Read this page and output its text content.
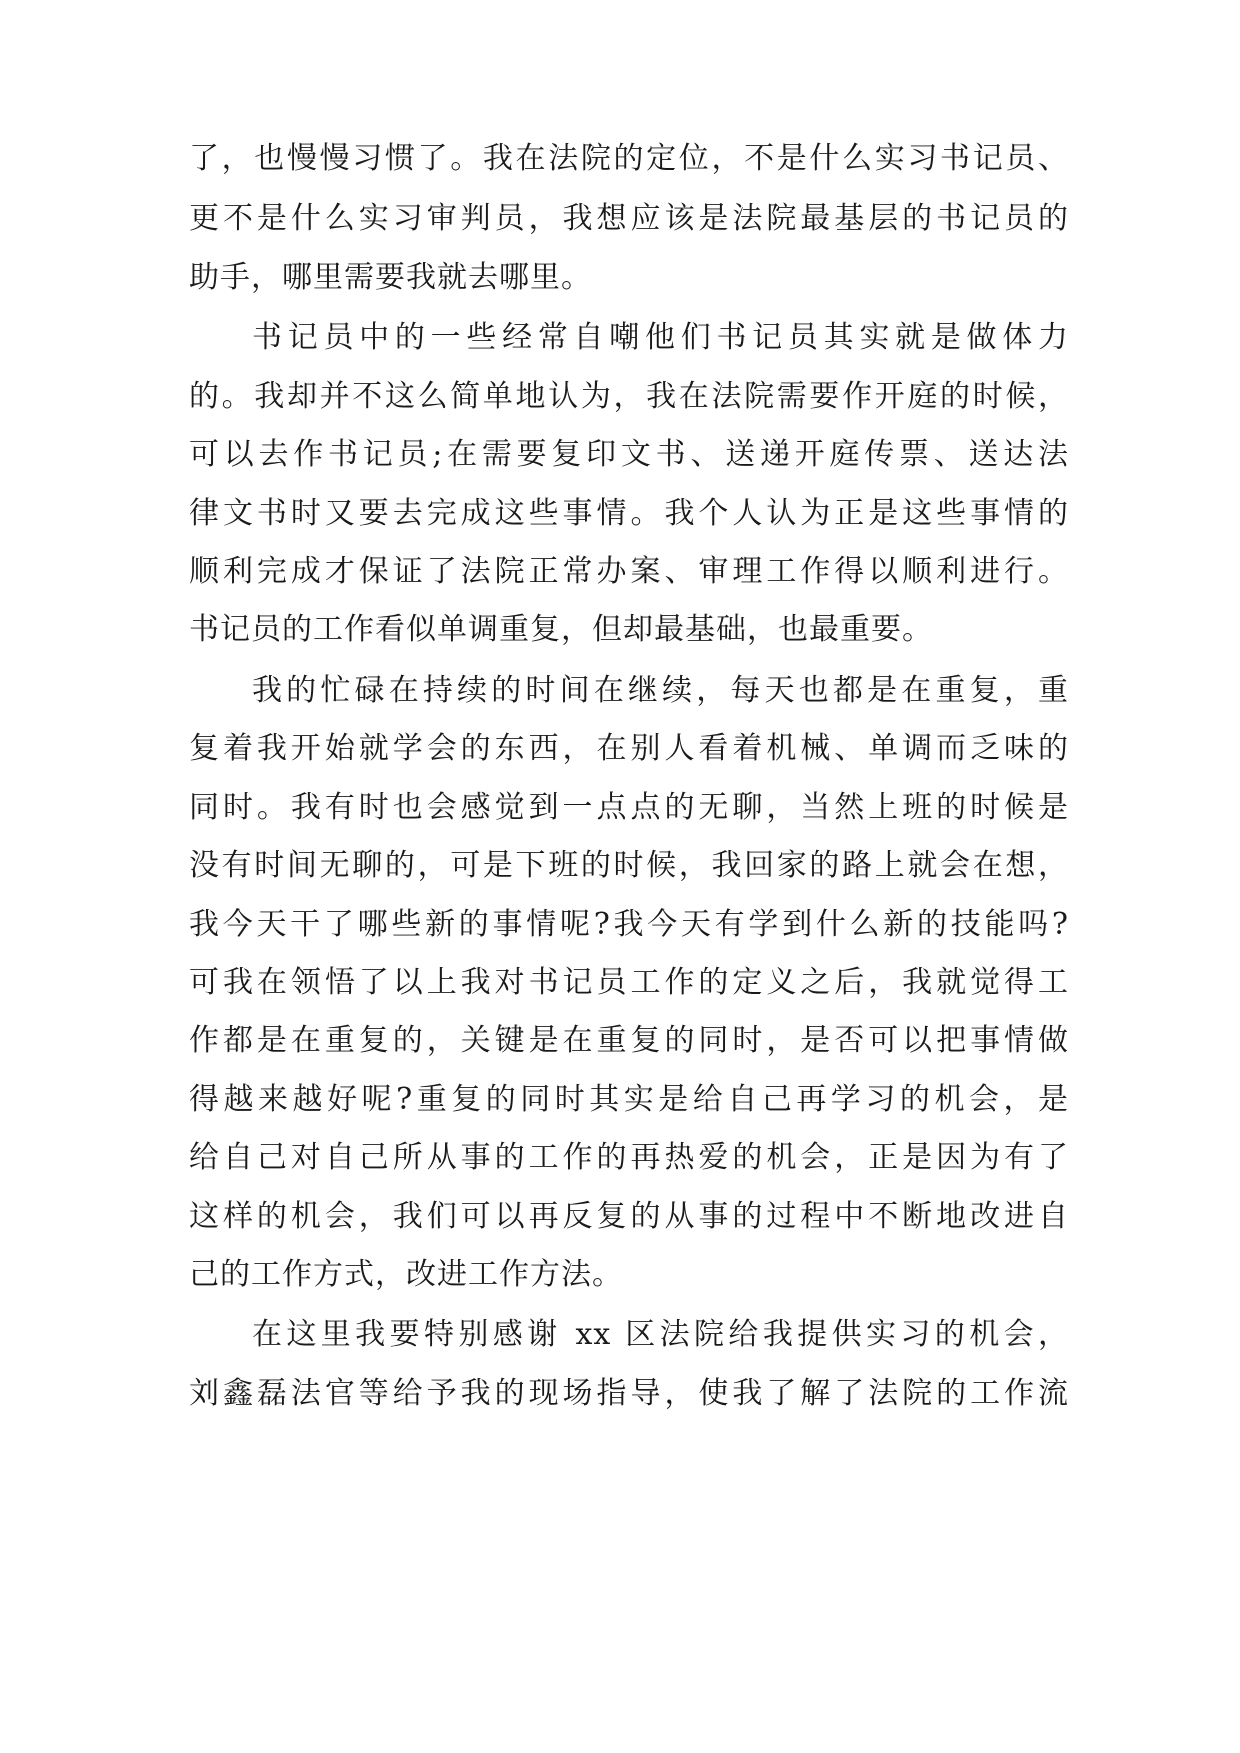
了，也慢慢习惯了。我在法院的定位，不是什么实习书记员、
更不是什么实习审判员，我想应该是法院最基层的书记员的
助手，哪里需要我就去哪里。
书记员中的一些经常自嘲他们书记员其实就是做体力
的。我却并不这么简单地认为，我在法院需要作开庭的时候，
可以去作书记员;在需要复印文书、送递开庭传票、送达法
律文书时又要去完成这些事情。我个人认为正是这些事情的
顺利完成才保证了法院正常办案、审理工作得以顺利进行。
书记员的工作看似单调重复，但却最基础，也最重要。
我的忙碌在持续的时间在继续，每天也都是在重复，重
复着我开始就学会的东西，在别人看着机械、单调而乏味的
同时。我有时也会感觉到一点点的无聊，当然上班的时候是
没有时间无聊的，可是下班的时候，我回家的路上就会在想，
我今天干了哪些新的事情呢?我今天有学到什么新的技能吗?
可我在领悟了以上我对书记员工作的定义之后，我就觉得工
作都是在重复的，关键是在重复的同时，是否可以把事情做
得越来越好呢?重复的同时其实是给自己再学习的机会，是
给自己对自己所从事的工作的再热爱的机会，正是因为有了
这样的机会，我们可以再反复的从事的过程中不断地改进自
己的工作方式，改进工作方法。
在这里我要特别感谢 xx 区法院给我提供实习的机会，
刘鑫磊法官等给予我的现场指导，使我了解了法院的工作流
